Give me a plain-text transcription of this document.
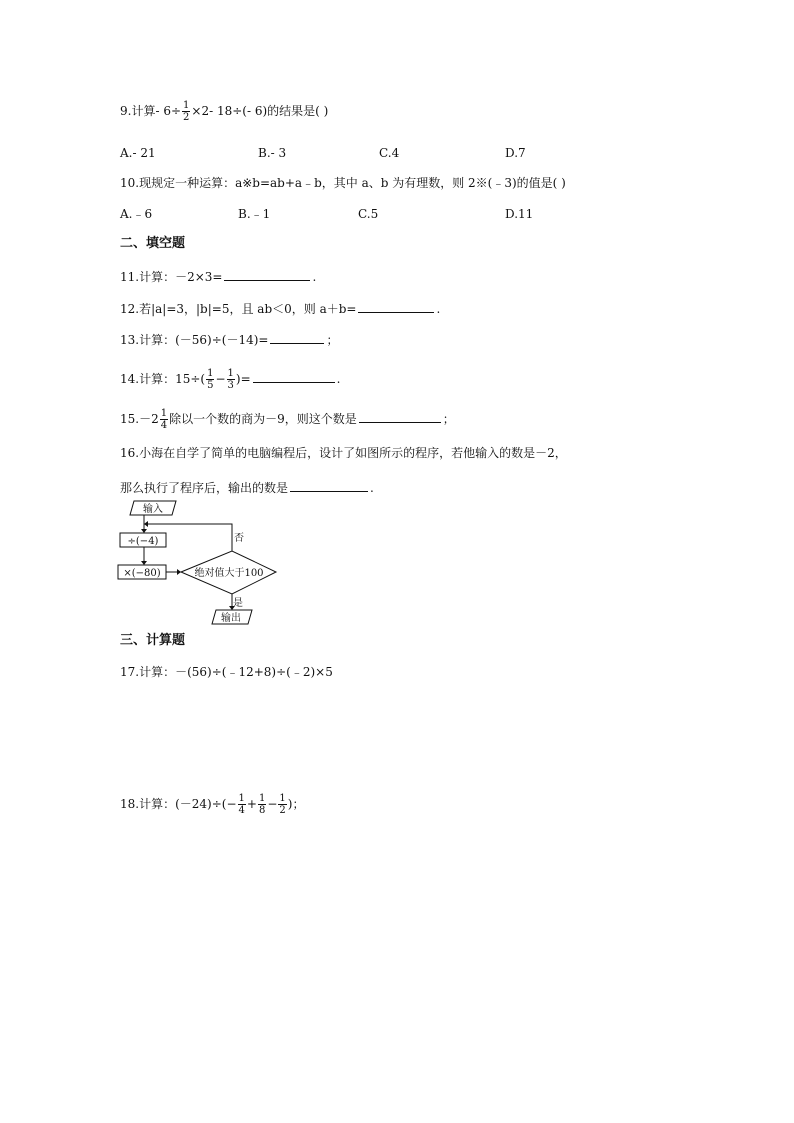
9.计算- $6\div \frac{1}{2} \times 2-$ 18÷(- 6)的结果是( )
A.- 21	B.- 3	C.4	D.7
10.现规定一种运算：a※b=ab+a﹣b，其中 a、b 为有理数，则 2※(﹣3)的值是( )
A.﹣6	B.﹣1	C.5	D.11
二、填空题
11.计算：－2×3=	.
12.若|a|=3，|b|=5，且 ab＜0，则 a＋b=	.
13.计算：(－56)÷(－14)=	；
14.计算：$15\div( \frac{1}{5} - \frac{1}{3}$ )=	.
$15.-2 \frac{1}{4}$ 除以一个数的商为－9，则这个数是	；
16.小海在自学了简单的电脑编程后，设计了如图所示的程序，若他输入的数是－2，
那么执行了程序后，输出的数是	.
输入
÷(−4)
×(−80)	绝对值大于100
否
是
输出
三、计算题
17.计算：－(56)÷(﹣12+8)÷(﹣2)×5
18.计算：$(-24)\div(- \frac{1}{4} + \frac{1}{8} - \frac{1}{2}$ )；
